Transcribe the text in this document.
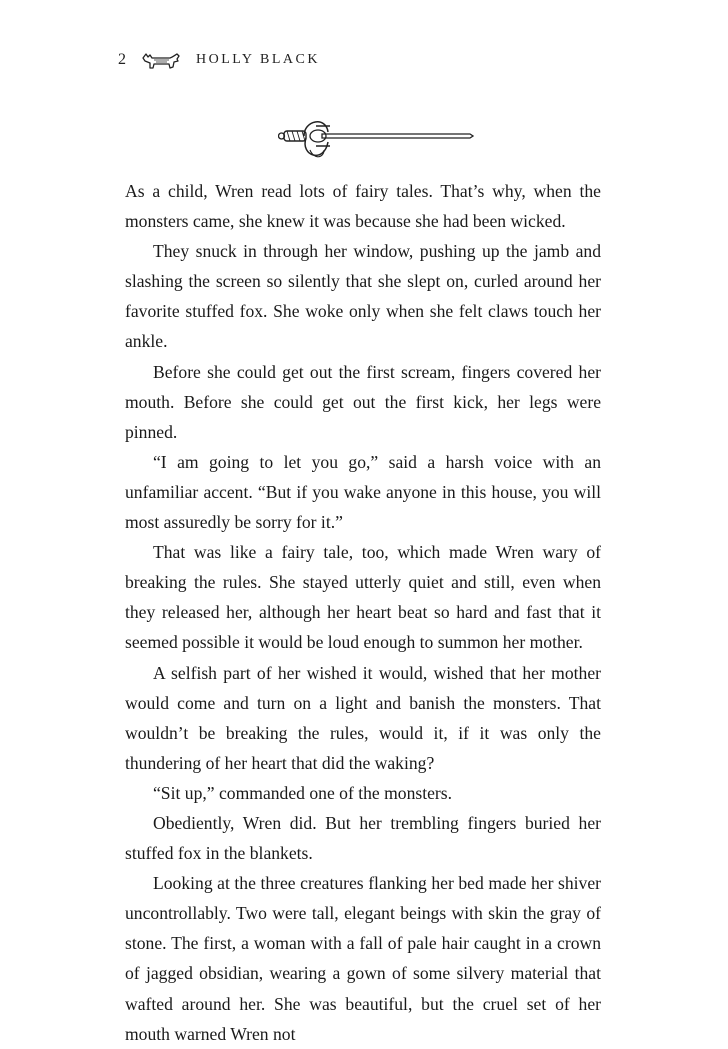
2	HOLLY BLACK

As a child, Wren read lots of fairy tales. That’s why, when the monsters came, she knew it was because she had been wicked.

They snuck in through her window, pushing up the jamb and slashing the screen so silently that she slept on, curled around her favorite stuffed fox. She woke only when she felt claws touch her ankle.

Before she could get out the first scream, fingers covered her mouth. Before she could get out the first kick, her legs were pinned.

“I am going to let you go,” said a harsh voice with an unfamiliar accent. “But if you wake anyone in this house, you will most assuredly be sorry for it.”

That was like a fairy tale, too, which made Wren wary of breaking the rules. She stayed utterly quiet and still, even when they released her, although her heart beat so hard and fast that it seemed possible it would be loud enough to summon her mother.

A selfish part of her wished it would, wished that her mother would come and turn on a light and banish the monsters. That wouldn’t be breaking the rules, would it, if it was only the thundering of her heart that did the waking?

“Sit up,” commanded one of the monsters.

Obediently, Wren did. But her trembling fingers buried her stuffed fox in the blankets.

Looking at the three creatures flanking her bed made her shiver uncontrollably. Two were tall, elegant beings with skin the gray of stone. The first, a woman with a fall of pale hair caught in a crown of jagged obsidian, wearing a gown of some silvery material that wafted around her. She was beautiful, but the cruel set of her mouth warned Wren not
